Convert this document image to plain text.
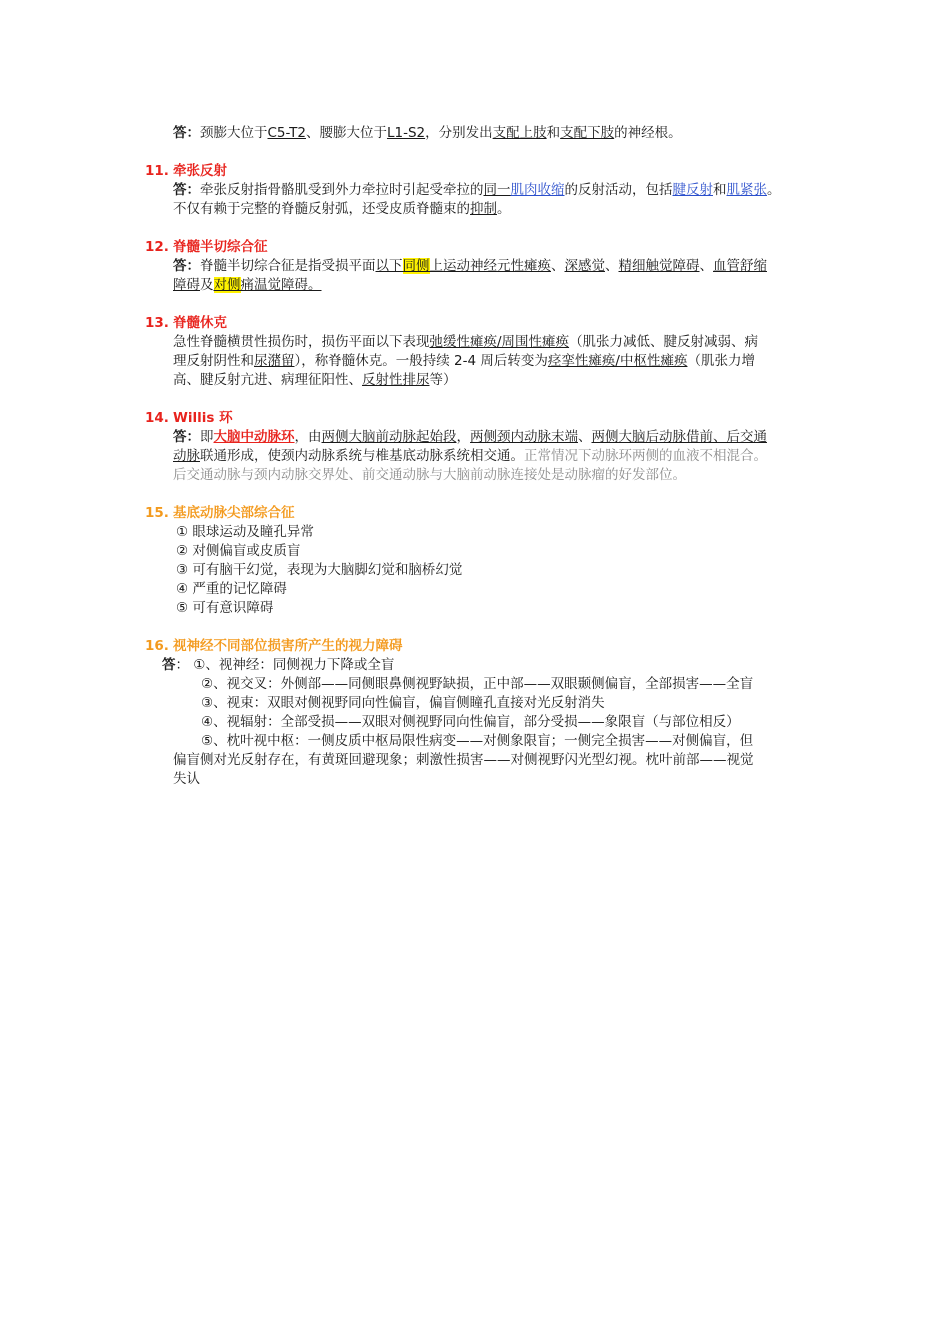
答：颈膨大位于C5-T2、腰膨大位于L1-S2，分别发出支配上肢和支配下肢的神经根。
11. 牵张反射
答：牵张反射指骨骼肌受到外力牵拉时引起受牵拉的同一肌肉收缩的反射活动，包括腱反射和肌紧张。
不仅有赖于完整的脊髓反射弧，还受皮质脊髓束的抑制。
12. 脊髓半切综合征
答：脊髓半切综合征是指受损平面以下同侧上运动神经元性瘫痪、深感觉、精细触觉障碍、血管舒缩
障碍及对侧痛温觉障碍。
13. 脊髓休克
急性脊髓横贯性损伤时，损伤平面以下表现弛缓性瘫痪/周围性瘫痪（肌张力减低、腱反射减弱、病
理反射阴性和尿潴留），称脊髓休克。一般持续 2-4 周后转变为痉挛性瘫痪/中枢性瘫痪（肌张力增
高、腱反射亢进、病理征阳性、反射性排尿等）
14. Willis 环
答：即大脑中动脉环，由两侧大脑前动脉起始段，两侧颈内动脉末端、两侧大脑后动脉借前、后交通
动脉联通形成，使颈内动脉系统与椎基底动脉系统相交通。正常情况下动脉环两侧的血液不相混合。
后交通动脉与颈内动脉交界处、前交通动脉与大脑前动脉连接处是动脉瘤的好发部位。
15. 基底动脉尖部综合征
① 眼球运动及瞳孔异常
② 对侧偏盲或皮质盲
③ 可有脑干幻觉，表现为大脑脚幻觉和脑桥幻觉
④ 严重的记忆障碍
⑤ 可有意识障碍
16. 视神经不同部位损害所产生的视力障碍
答： ①、视神经：同侧视力下降或全盲
②、视交叉：外侧部——同侧眼鼻侧视野缺损，正中部——双眼颞侧偏盲，全部损害——全盲
③、视束：双眼对侧视野同向性偏盲，偏盲侧瞳孔直接对光反射消失
④、视辐射：全部受损——双眼对侧视野同向性偏盲，部分受损——象限盲（与部位相反）
⑤、枕叶视中枢：一侧皮质中枢局限性病变——对侧象限盲；一侧完全损害——对侧偏盲，但
偏盲侧对光反射存在，有黄斑回避现象；刺激性损害——对侧视野闪光型幻视。枕叶前部——视觉
失认
